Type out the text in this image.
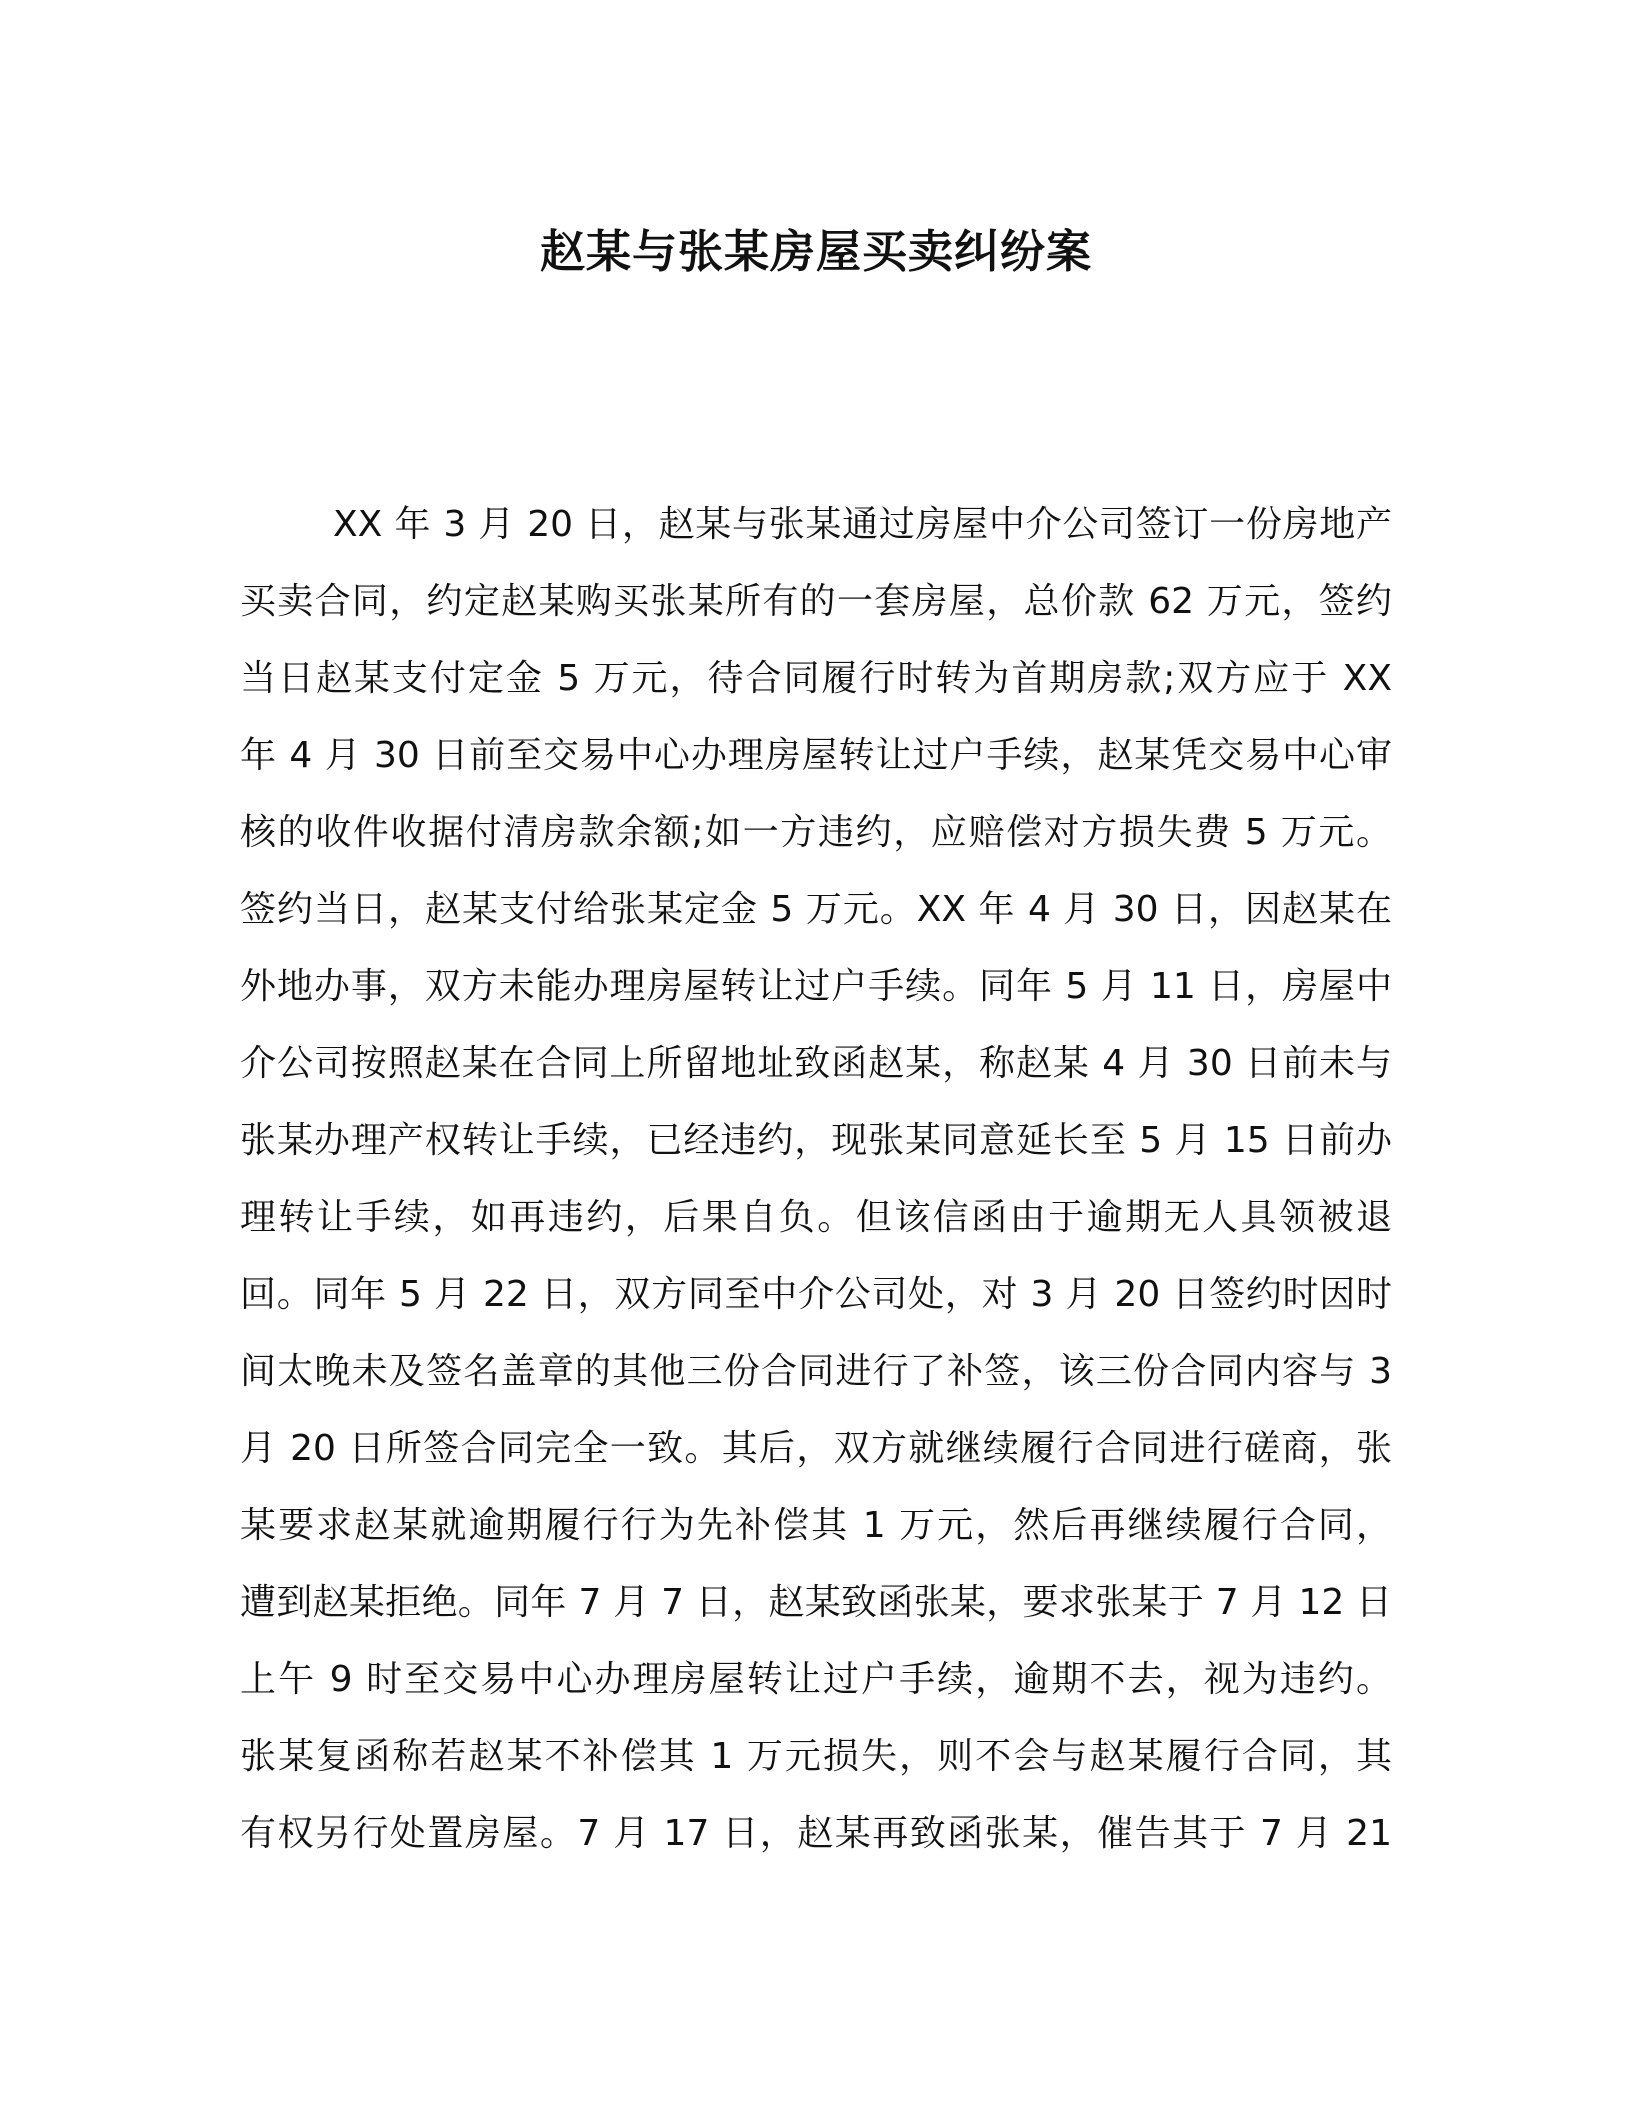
赵某与张某房屋买卖纠纷案
XX 年 3 月 20 日，赵某与张某通过房屋中介公司签订一份房地产
买卖合同，约定赵某购买张某所有的一套房屋，总价款 62 万元，签约
当日赵某支付定金 5 万元，待合同履行时转为首期房款;双方应于 XX
年 4 月 30 日前至交易中心办理房屋转让过户手续，赵某凭交易中心审
核的收件收据付清房款余额;如一方违约，应赔偿对方损失费 5 万元。
签约当日，赵某支付给张某定金 5 万元。XX 年 4 月 30 日，因赵某在
外地办事，双方未能办理房屋转让过户手续。同年 5 月 11 日，房屋中
介公司按照赵某在合同上所留地址致函赵某，称赵某 4 月 30 日前未与
张某办理产权转让手续，已经违约，现张某同意延长至 5 月 15 日前办
理转让手续，如再违约，后果自负。但该信函由于逾期无人具领被退
回。同年 5 月 22 日，双方同至中介公司处，对 3 月 20 日签约时因时
间太晚未及签名盖章的其他三份合同进行了补签，该三份合同内容与 3
月 20 日所签合同完全一致。其后，双方就继续履行合同进行磋商，张
某要求赵某就逾期履行行为先补偿其 1 万元，然后再继续履行合同，
遭到赵某拒绝。同年 7 月 7 日，赵某致函张某，要求张某于 7 月 12 日
上午 9 时至交易中心办理房屋转让过户手续，逾期不去，视为违约。
张某复函称若赵某不补偿其 1 万元损失，则不会与赵某履行合同，其
有权另行处置房屋。7 月 17 日，赵某再致函张某，催告其于 7 月 21
